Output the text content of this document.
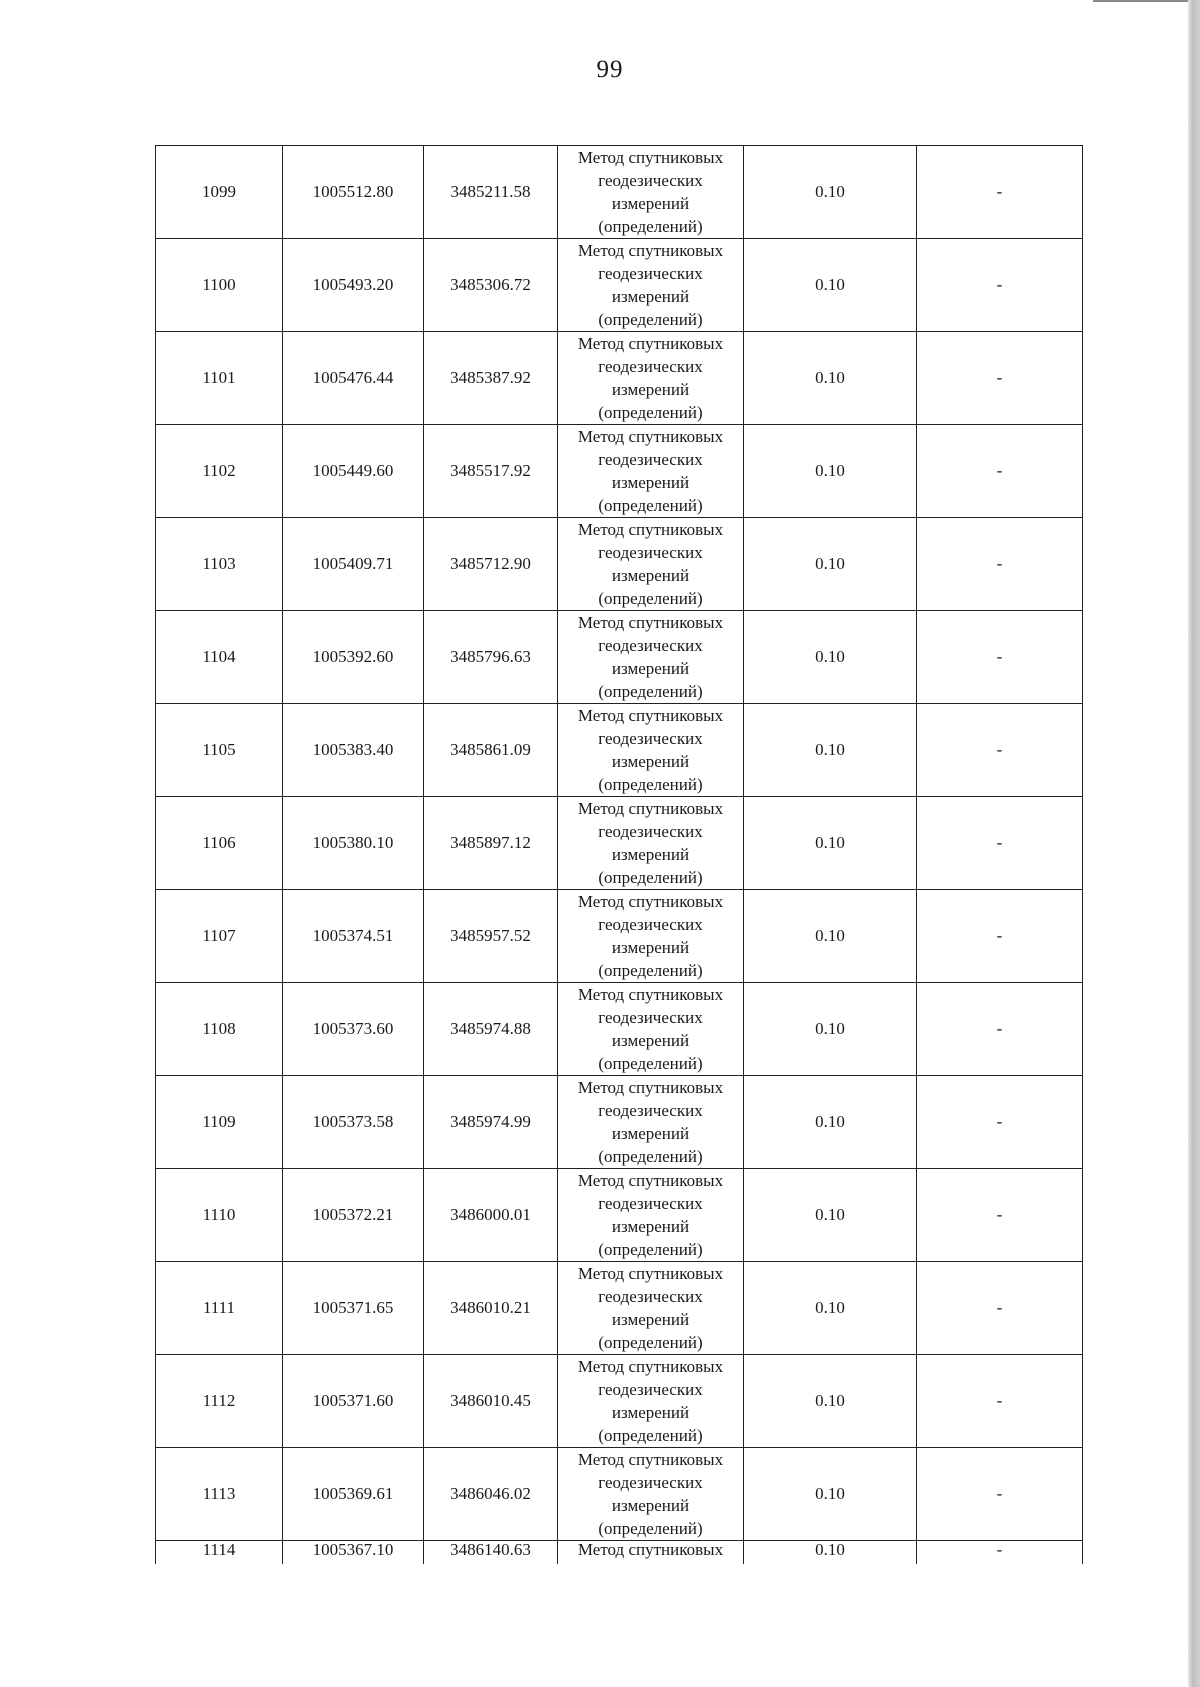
99
1099	1005512.80	3485211.58	Метод спутниковых геодезических измерений (определений)	0.10	-
1100	1005493.20	3485306.72	Метод спутниковых геодезических измерений (определений)	0.10	-
1101	1005476.44	3485387.92	Метод спутниковых геодезических измерений (определений)	0.10	-
1102	1005449.60	3485517.92	Метод спутниковых геодезических измерений (определений)	0.10	-
1103	1005409.71	3485712.90	Метод спутниковых геодезических измерений (определений)	0.10	-
1104	1005392.60	3485796.63	Метод спутниковых геодезических измерений (определений)	0.10	-
1105	1005383.40	3485861.09	Метод спутниковых геодезических измерений (определений)	0.10	-
1106	1005380.10	3485897.12	Метод спутниковых геодезических измерений (определений)	0.10	-
1107	1005374.51	3485957.52	Метод спутниковых геодезических измерений (определений)	0.10	-
1108	1005373.60	3485974.88	Метод спутниковых геодезических измерений (определений)	0.10	-
1109	1005373.58	3485974.99	Метод спутниковых геодезических измерений (определений)	0.10	-
1110	1005372.21	3486000.01	Метод спутниковых геодезических измерений (определений)	0.10	-
1111	1005371.65	3486010.21	Метод спутниковых геодезических измерений (определений)	0.10	-
1112	1005371.60	3486010.45	Метод спутниковых геодезических измерений (определений)	0.10	-
1113	1005369.61	3486046.02	Метод спутниковых геодезических измерений (определений)	0.10	-
1114	1005367.10	3486140.63	Метод спутниковых	0.10	-
